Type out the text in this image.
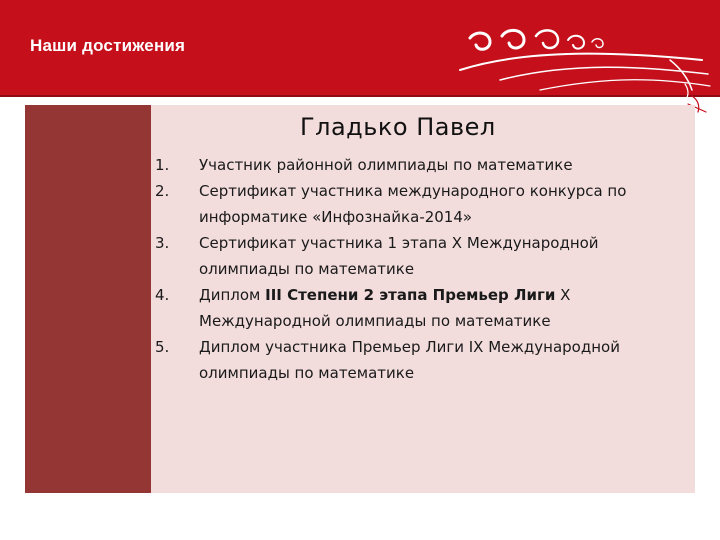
Наши достижения
Гладько Павел
1.	Участник районной олимпиады по математике
2.	Сертификат участника международного конкурса по информатике «Инфознайка-2014»
3.	Сертификат участника 1 этапа X Международной олимпиады по математике
4.	Диплом III Степени 2 этапа Премьер Лиги X Международной олимпиады по математике
5.	Диплом участника Премьер Лиги IX Международной олимпиады по математике
